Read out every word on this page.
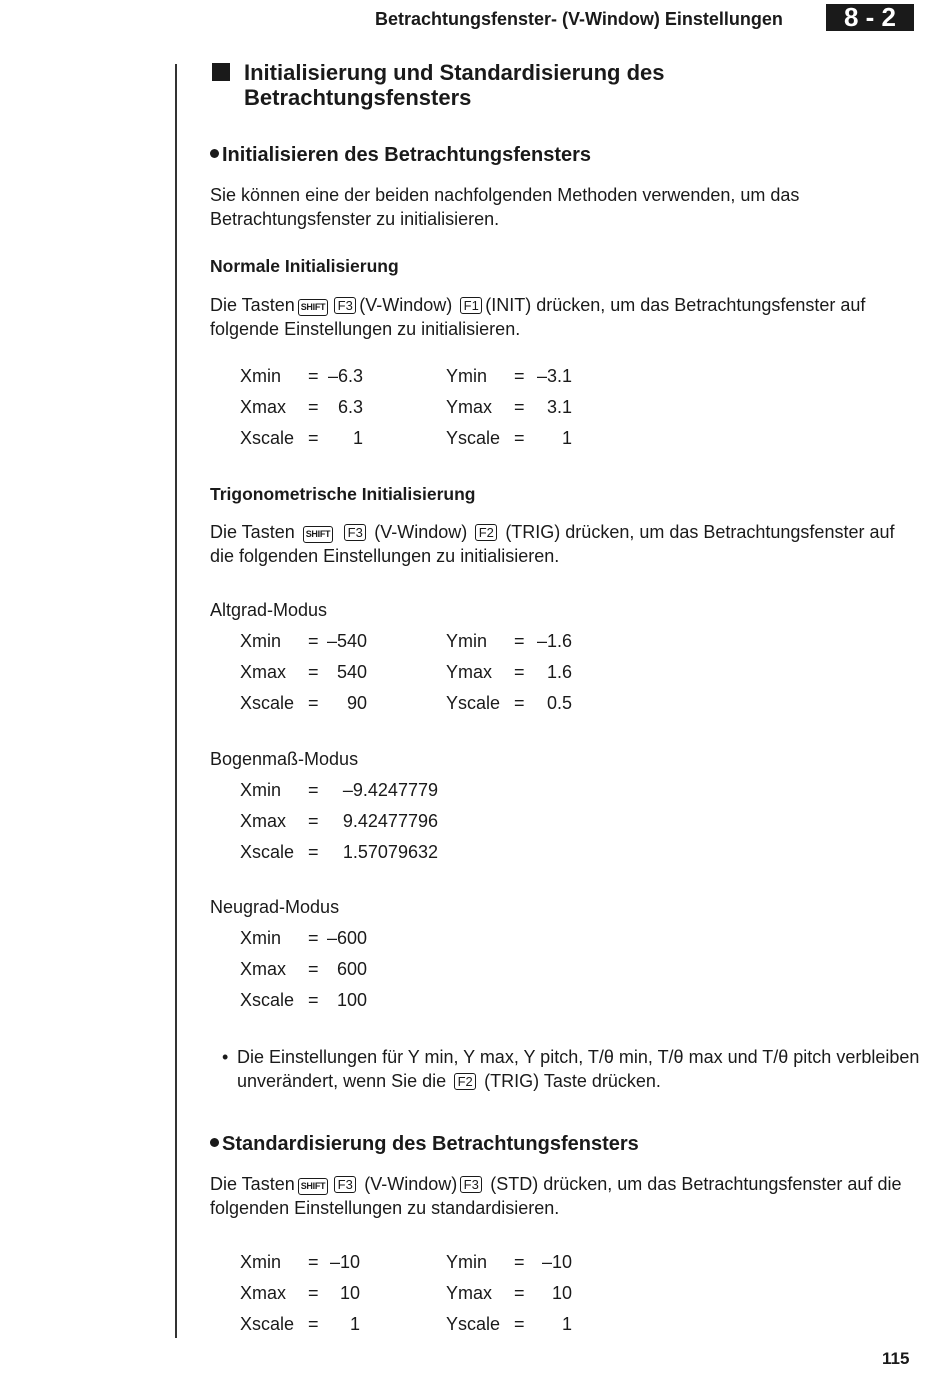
Betrachtungsfenster- (V-Window) Einstellungen	8 - 2
Initialisierung und Standardisierung des Betrachtungsfensters
Initialisieren des Betrachtungsfensters
Sie können eine der beiden nachfolgenden Methoden verwenden, um das Betrachtungsfenster zu initialisieren.
Normale Initialisierung
Die Tasten SHIFT F3 (V-Window) F1 (INIT) drücken, um das Betrachtungsfenster auf folgende Einstellungen zu initialisieren.
Xmin = –6.3	Ymin = –3.1
Xmax = 6.3	Ymax = 3.1
Xscale = 1	Yscale = 1
Trigonometrische Initialisierung
Die Tasten SHIFT F3 (V-Window) F2 (TRIG) drücken, um das Betrachtungsfenster auf die folgenden Einstellungen zu initialisieren.
Altgrad-Modus
Xmin = –540	Ymin = –1.6
Xmax = 540	Ymax = 1.6
Xscale = 90	Yscale = 0.5
Bogenmaß-Modus
Xmin = –9.4247779
Xmax = 9.42477796
Xscale = 1.57079632
Neugrad-Modus
Xmin = –600
Xmax = 600
Xscale = 100
• Die Einstellungen für Y min, Y max, Y pitch, T/θ min, T/θ max und T/θ pitch verbleiben unverändert, wenn Sie die F2 (TRIG) Taste drücken.
Standardisierung des Betrachtungsfensters
Die Tasten SHIFT F3 (V-Window) F3 (STD) drücken, um das Betrachtungsfenster auf die folgenden Einstellungen zu standardisieren.
Xmin = –10	Ymin = –10
Xmax = 10	Ymax = 10
Xscale = 1	Yscale = 1
115
